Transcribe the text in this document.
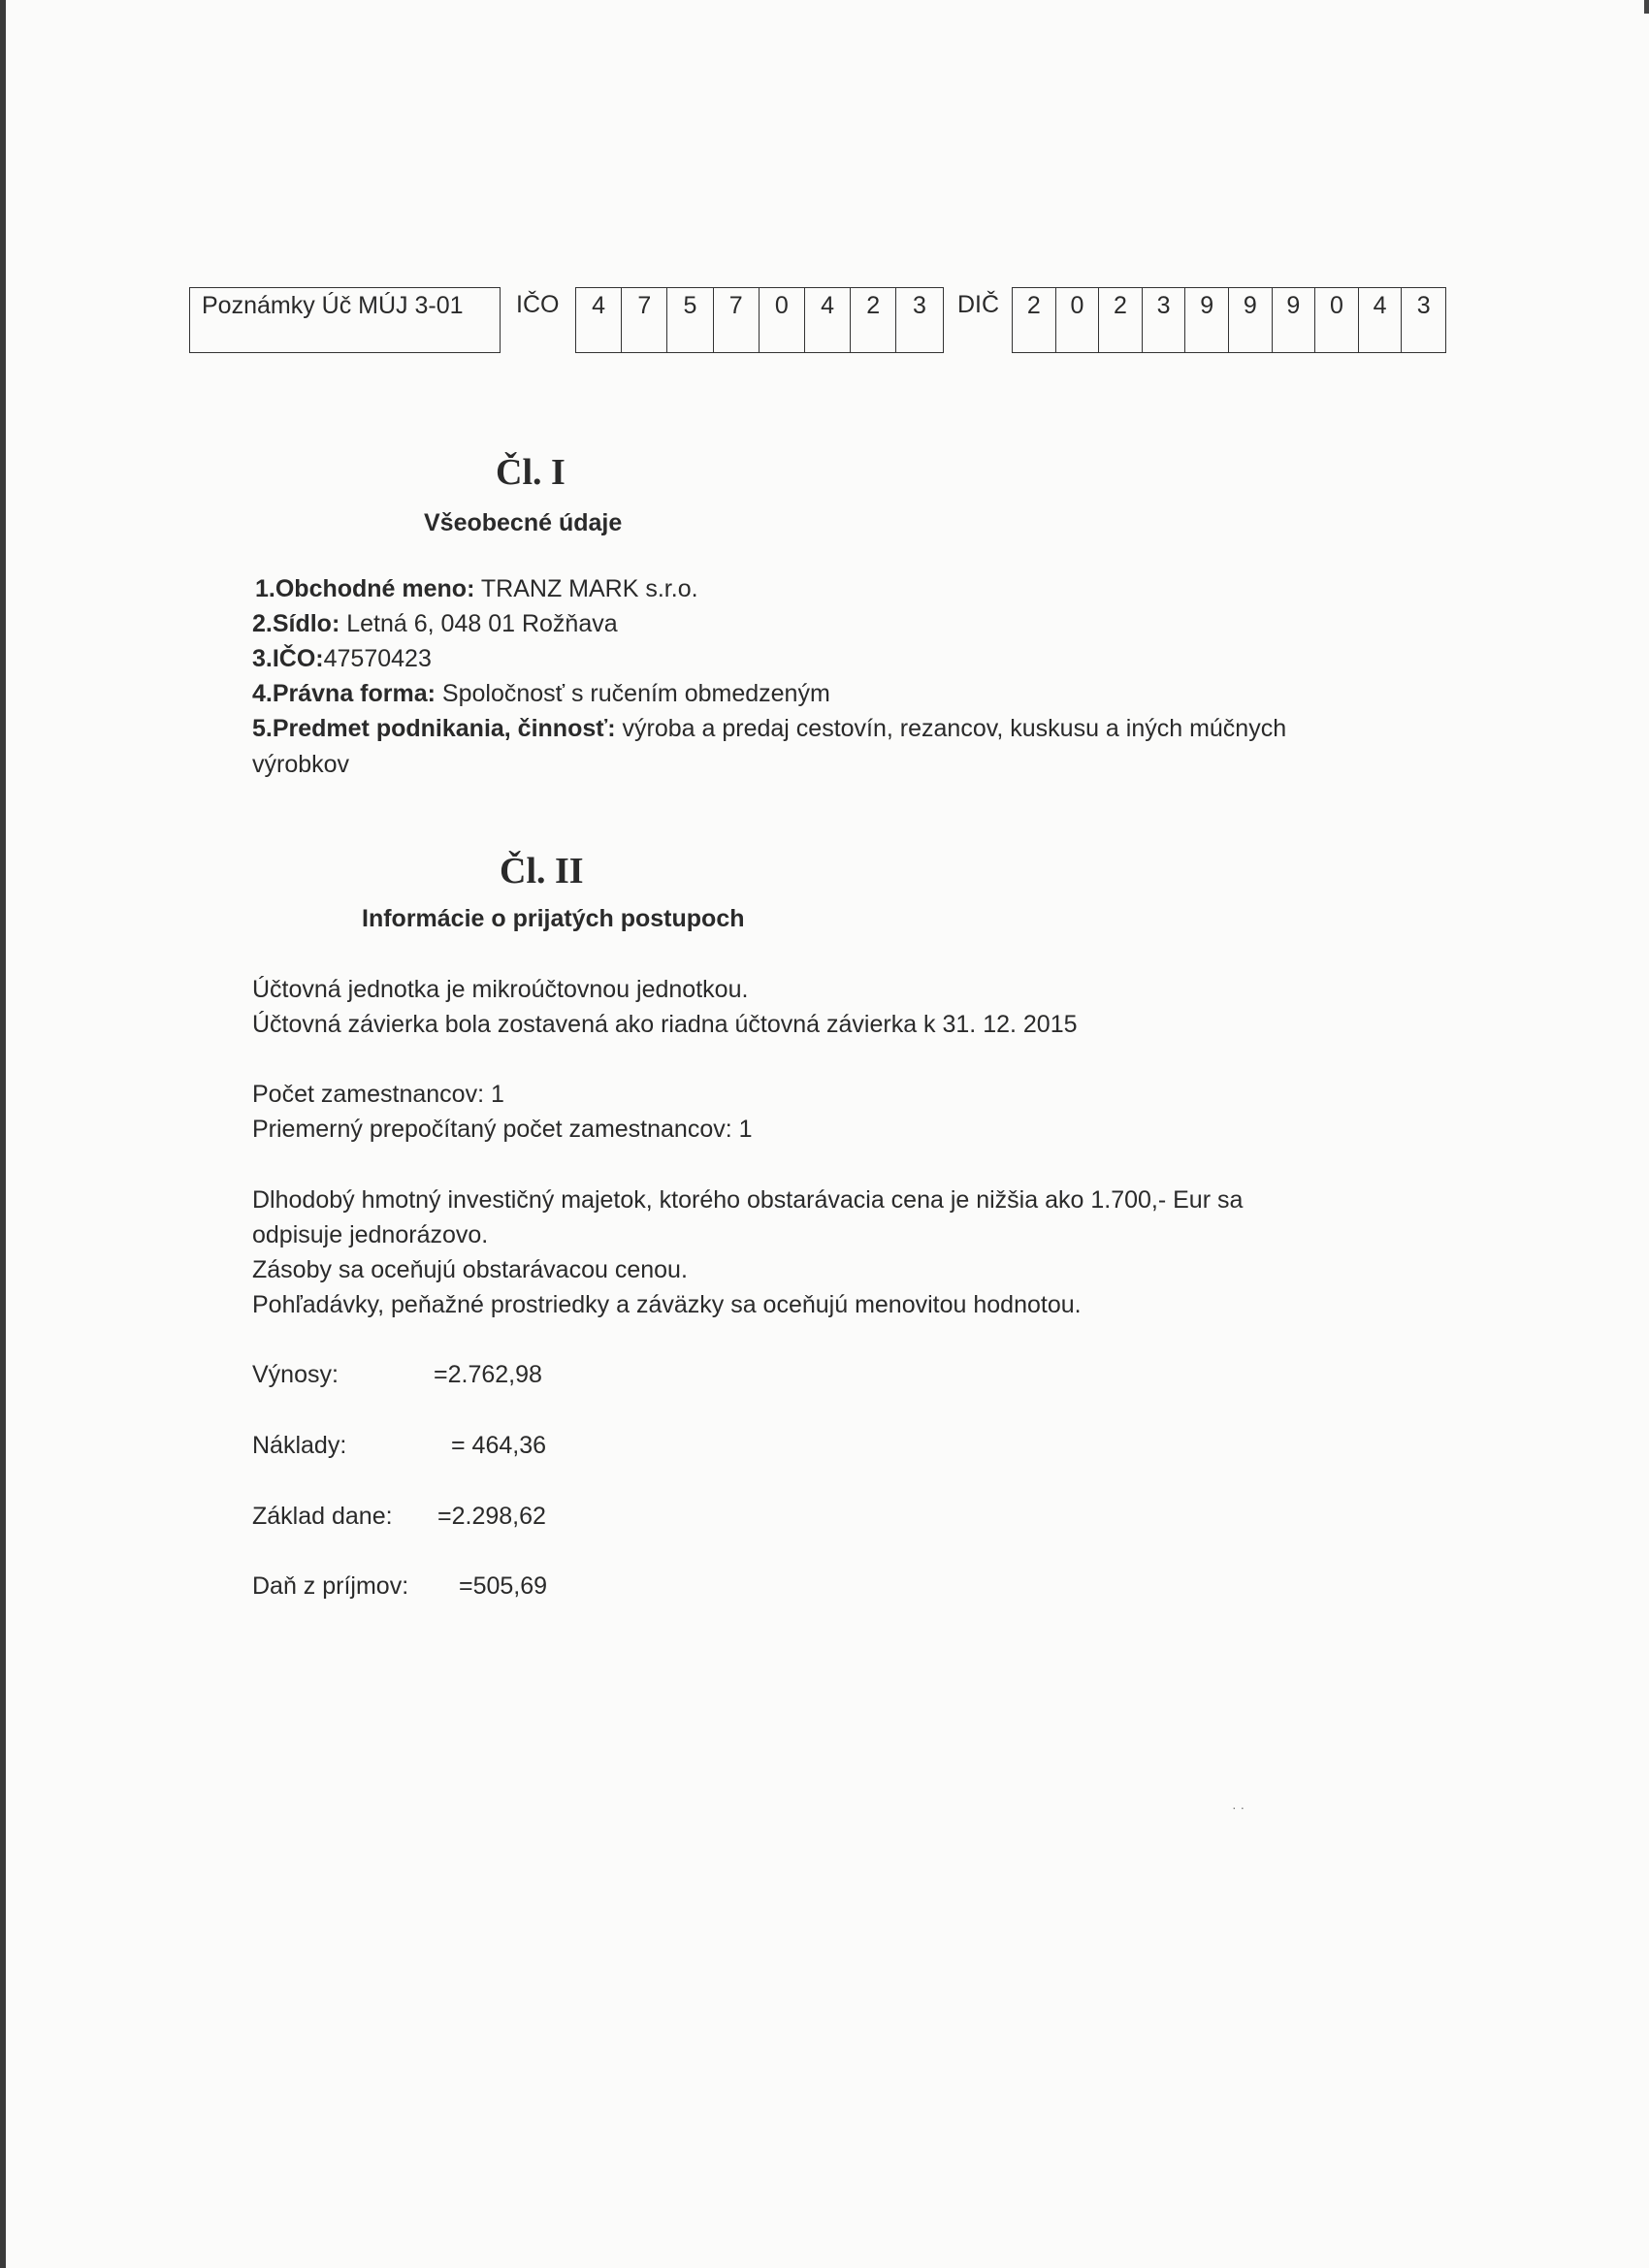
Poznámky Úč MÚJ 3-01	IČO	4	7	5	7	0	4	2	3	DIČ	2	0	2	3	9	9	9	0	4	3
Čl. I
Všeobecné údaje
1.Obchodné meno: TRANZ MARK s.r.o.
2.Sídlo: Letná 6, 048 01 Rožňava
3.IČO:47570423
4.Právna forma: Spoločnosť s ručením obmedzeným
5.Predmet podnikania, činnosť: výroba a predaj cestovín, rezancov, kuskusu a iných múčnych
výrobkov
Čl. II
Informácie o prijatých postupoch
Účtovná jednotka je mikroúčtovnou jednotkou.
Účtovná závierka bola zostavená ako riadna účtovná závierka k 31. 12. 2015
Počet zamestnancov: 1
Priemerný prepočítaný počet zamestnancov: 1
Dlhodobý hmotný investičný majetok, ktorého obstarávacia cena je nižšia ako 1.700,- Eur sa
odpisuje jednorázovo.
Zásoby sa oceňujú obstarávacou cenou.
Pohľadávky, peňažné prostriedky a záväzky sa oceňujú menovitou hodnotou.
Výnosy:	=2.762,98
Náklady:	= 464,36
Základ dane: =2.298,62
Daň z príjmov: =505,69
· ·
